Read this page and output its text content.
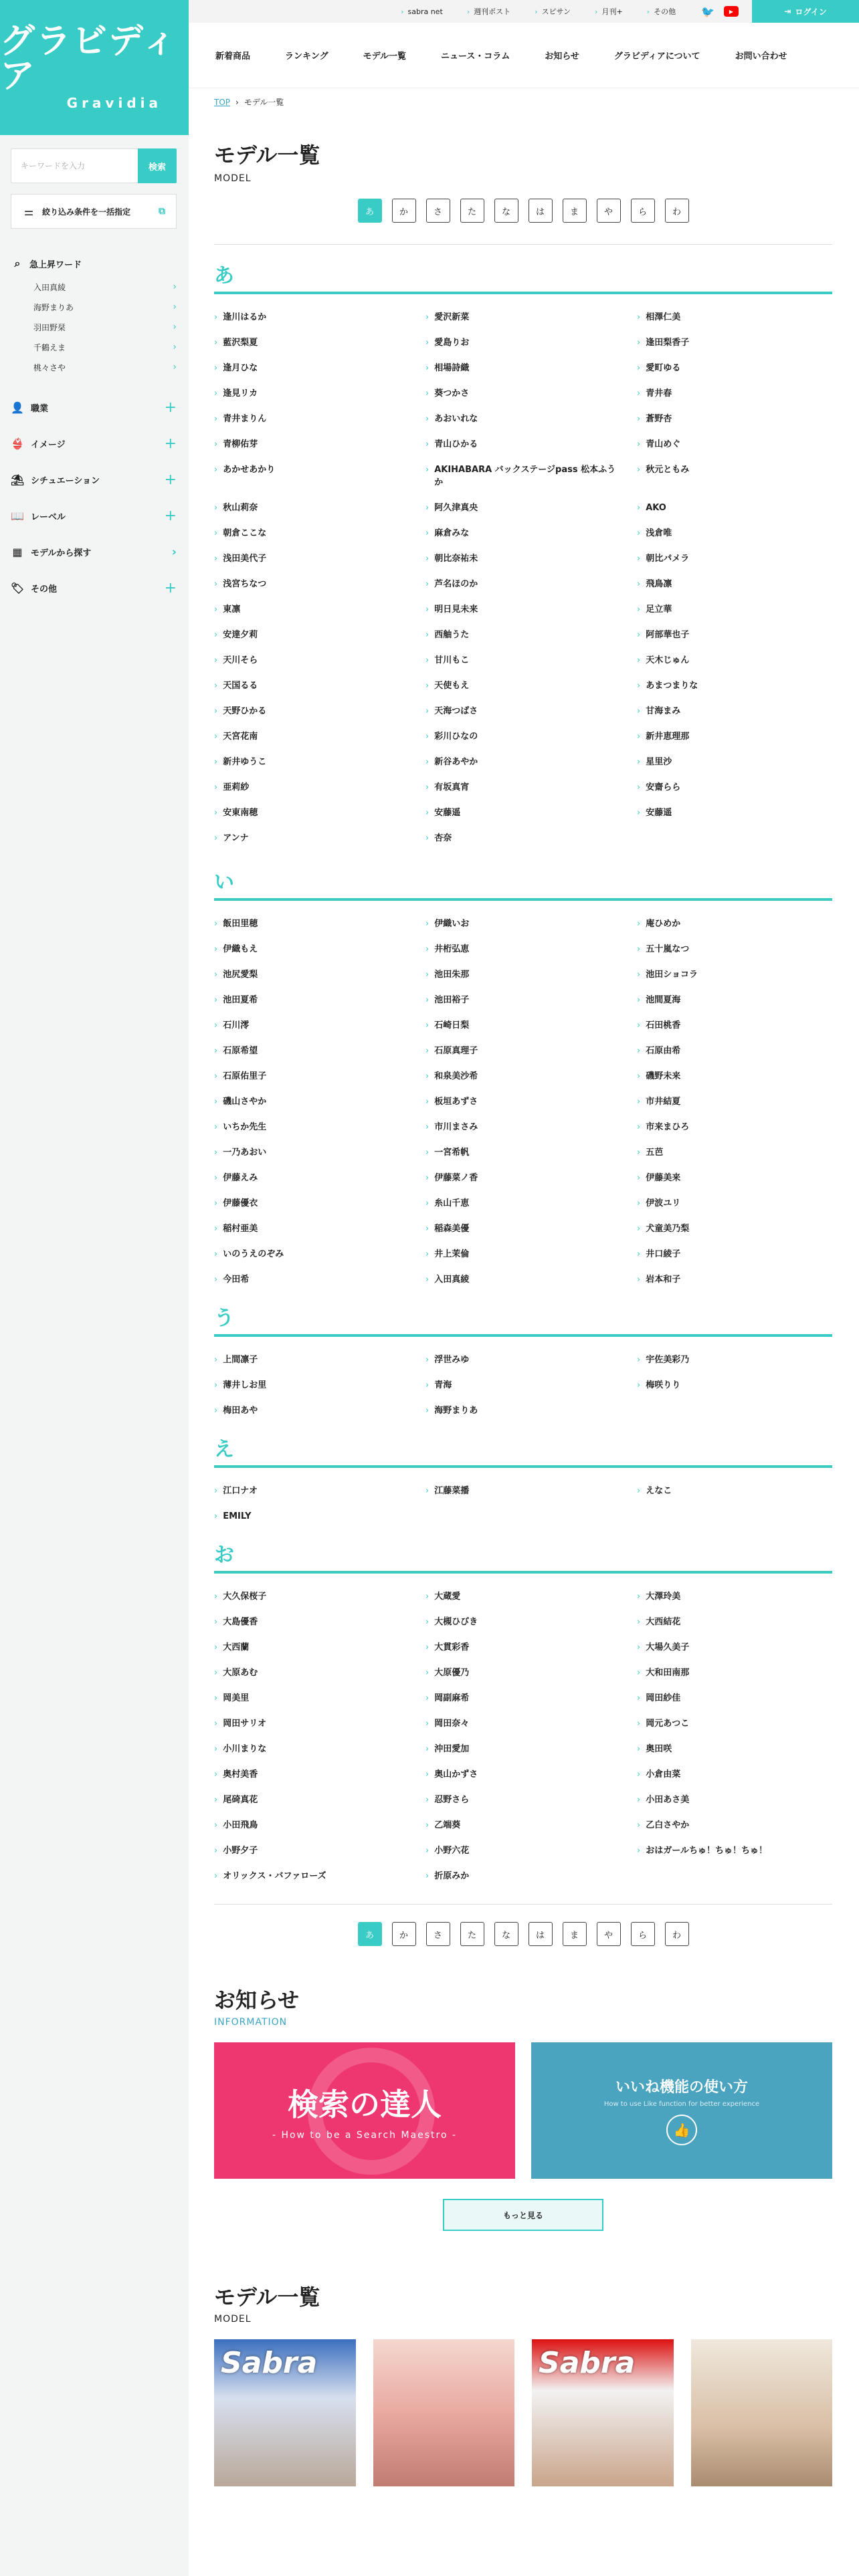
グラビディア
Gravidia
キーワードを入力
検索
⚌ 絞り込み条件を一括指定	⧉
⌕	急上昇ワード
入田真綾	›
海野まりあ	›
羽田野栞	›
千鶴えま	›
桃々さや	›
👤 職業	+
👙 イメージ	+
⛱ シチュエーション	+
📖 レーベル	+
▦ モデルから探す	›
🏷 その他	+
› sabra net	› 週刊ポスト	› スピサン	› 月刊+	› その他 🐦	▶	⇥ ログイン
新着商品	ランキング	モデル一覧	ニュース・コラム	お知らせ	グラビディアについて	お問い合わせ
TOP › モデル一覧
モデル一覧
MODEL
あ	か	さ	た	な	は	ま	や	ら	わ
あ
› 逢川はるか	› 愛沢新菜	› 相澤仁美
› 藍沢梨夏	› 愛島りお	› 逢田梨香子
› 逢月ひな	› 相場詩織	› 愛町ゆる
› 逢見リカ	› 葵つかさ	› 青井春
› 青井まりん	› あおいれな	› 蒼野杏
› 青柳佑芽	› 青山ひかる	› 青山めぐ
› あかせあかり	› AKIHABARA バックステージpass 松本ふうか
› 秋元ともみ
› 秋山莉奈	› 阿久津真央	› AKO
› 朝倉ここな	› 麻倉みな	› 浅倉唯
› 浅田美代子	› 朝比奈祐未	› 朝比パメラ
› 浅宮ちなつ	› 芦名ほのか	› 飛鳥凛
› 東凛	› 明日見未来	› 足立華
› 安達夕莉	› 西舳うた	› 阿部華也子
› 天川そら	› 甘川もこ	› 天木じゅん
› 天国るる	› 天使もえ	› あまつまりな
› 天野ひかる	› 天海つばさ	› 甘海まみ
› 天宮花南	› 彩川ひなの	› 新井恵理那
› 新井ゆうこ	› 新谷あやか	› 星里沙
› 亜莉紗	› 有坂真宵	› 安齋らら
› 安東南穂	› 安藤遥	› 安藤遥
› アンナ	› 杏奈
い
› 飯田里穂	› 伊織いお	› 庵ひめか
› 伊織もえ	› 井桁弘恵	› 五十嵐なつ
› 池尻愛梨	› 池田朱那	› 池田ショコラ
› 池田夏希	› 池田裕子	› 池間夏海
› 石川澪	› 石崎日梨	› 石田桃香
› 石原希望	› 石原真理子	› 石原由希
› 石原佑里子	› 和泉美沙希	› 磯野未来
› 磯山さやか	› 板垣あずさ	› 市井結夏
› いちか先生	› 市川まさみ	› 市来まひろ
› 一乃あおい	› 一宮希帆	› 五芭
› 伊藤えみ	› 伊藤菜ノ香	› 伊藤美来
› 伊藤優衣	› 糸山千恵	› 伊波ユリ
› 稲村亜美	› 稲森美優	› 犬童美乃梨
› いのうえのぞみ	› 井上茉倫	› 井口綾子
› 今田希	› 入田真綾	› 岩本和子
う
› 上間凛子	› 浮世みゆ	› 宇佐美彩乃
› 薄井しお里	› 青海	› 梅咲りり
› 梅田あや	› 海野まりあ
え
› 江口ナオ	› 江藤菜播	› えなこ
› EMILY
お
› 大久保桜子	› 大蔵愛	› 大澤玲美
› 大島優香	› 大槻ひびき	› 大西結花
› 大西蘭	› 大貫彩香	› 大場久美子
› 大原あむ	› 大原優乃	› 大和田南那
› 岡美里	› 岡副麻希	› 岡田紗佳
› 岡田サリオ	› 岡田奈々	› 岡元あつこ
› 小川まりな	› 沖田愛加	› 奥田咲
› 奥村美香	› 奥山かずさ	› 小倉由菜
› 尾碕真花	› 忍野さら	› 小田あさ美
› 小田飛鳥	› 乙端葵	› 乙白さやか
› 小野夕子	› 小野六花	› おはガールちゅ！ちゅ！ちゅ！
› オリックス・バファローズ	› 折原みか
あ	か	さ	た	な	は	ま	や	ら	わ
お知らせ
INFORMATION
検索の達人
- How to be a Search Maestro -
いいね機能の使い方
How to use Like function for better experience
👍
もっと見る
モデル一覧
MODEL
Sabra	Sabra
